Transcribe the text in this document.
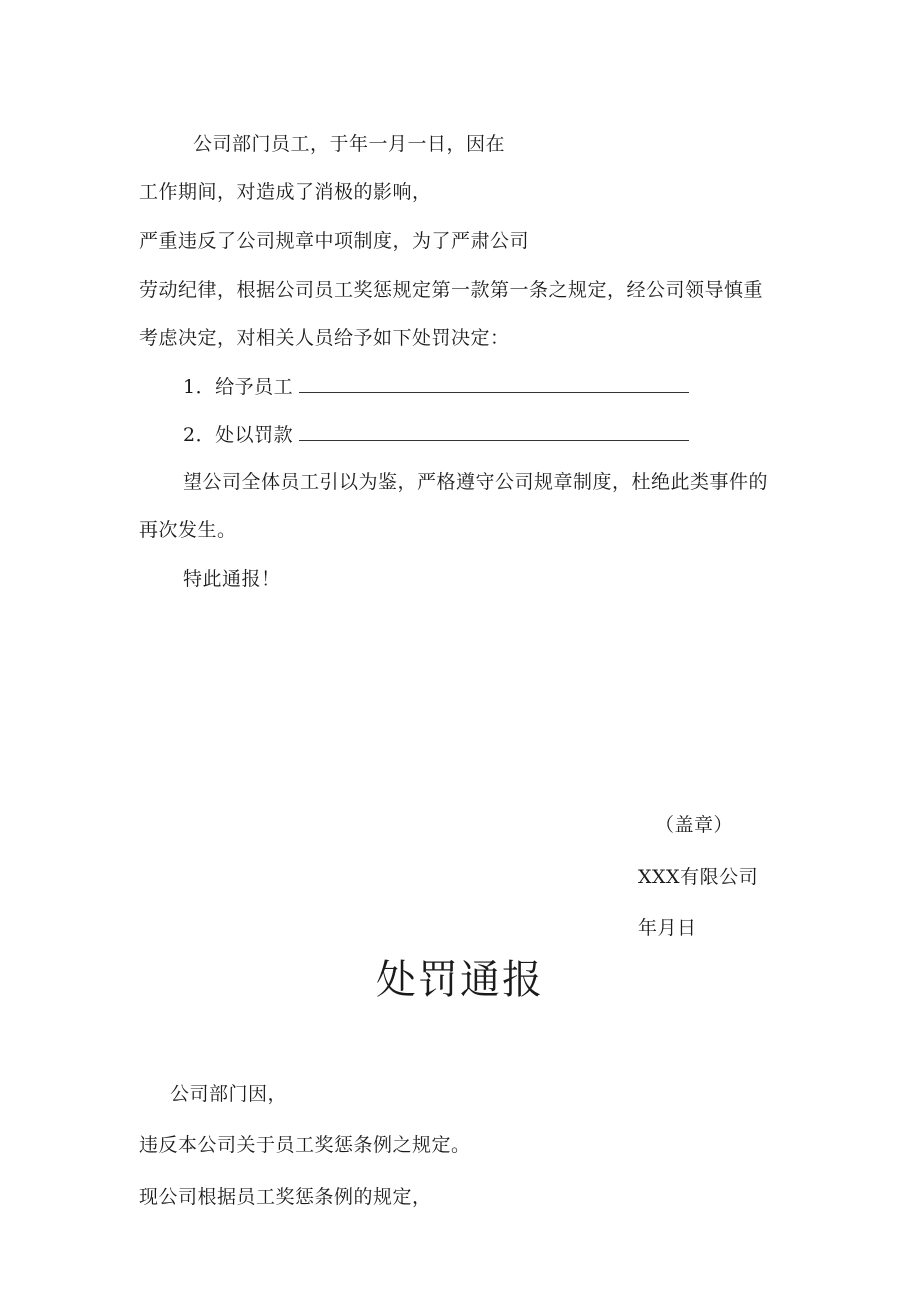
公司部门员工，于年一月一日，因在
工作期间，对造成了消极的影响，
严重违反了公司规章中项制度，为了严肃公司
劳动纪律，根据公司员工奖惩规定第一款第一条之规定，经公司领导慎重
考虑决定，对相关人员给予如下处罚决定：
1．给予员工
2．处以罚款
望公司全体员工引以为鉴，严格遵守公司规章制度，杜绝此类事件的
再次发生。
特此通报！
（盖章）
XXX有限公司
年月日
处罚通报
公司部门因，
违反本公司关于员工奖惩条例之规定。
现公司根据员工奖惩条例的规定，
